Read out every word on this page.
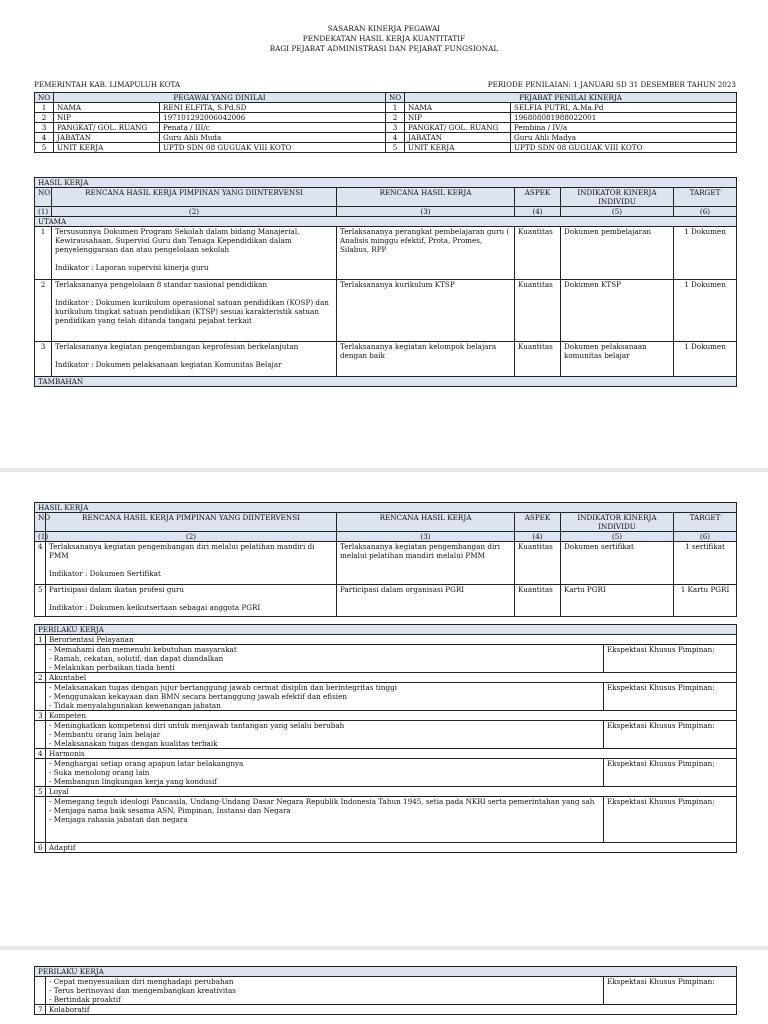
SASARAN KINERJA PEGAWAI
PENDEKATAN HASIL KERJA KUANTITATIF
BAGI PEJABAT ADMINISTRASI DAN PEJABAT FUNGSIONAL
PEMERINTAH KAB. LIMAPULUH KOTA	PERIODE PENILAIAN: 1 JANUARI SD 31 DESEMBER TAHUN 2023
NO	PEGAWAI YANG DINILAI		NO	PEJABAT PENILAI KINERJA	
1	NAMA	RENI ELFITA, S.Pd.SD	1	NAMA	SELFIA PUTRI, A.Ma.Pd
2	NIP	197101292006042006	2	NIP	196808081988022001
3	PANGKAT/ GOL. RUANG	Penata / III/c	3	PANGKAT/ GOL. RUANG	Pembina / IV/a
4	JABATAN	Guru Ahli Muda	4	JABATAN	Guru Ahli Madya
5	UNIT KERJA	UPTD SDN 08 GUGUAK VIII KOTO	5	UNIT KERJA	UPTD SDN 08 GUGUAK VIII KOTO
HASIL KERJA					
NO	RENCANA HASIL KERJA PIMPINAN YANG DIINTERVENSI	RENCANA HASIL KERJA	ASPEK	INDIKATOR KINERJA INDIVIDU	TARGET
(1)	(2)	(3)	(4)	(5)	(6)
UTAMA					
1	Tersusunnya Dokumen Program Sekolah dalam bidang Manajerial, Kewirausahaan, Supervisi Guru dan Tenaga Kependidikan dalam penyelenggaraan dan atau pengelolaan sekolah

Indikator : Laporan supervisi kinerja guru	Terlaksananya perangkat pembelajaran guru ( Analisis minggu efektif, Prota, Promes, Silabus, RPP	Kuantitas	Dokumen pembelajaran	1 Dokumen
2	Terlaksananya pengelolaan 8 standar nasional pendidikan

Indikator : Dokumen kurikulum operasional satuan pendidikan (KOSP) dan kurikulum tingkat satuan pendidikan (KTSP) sesuai karakteristik satuan pendidikan yang telah ditanda tangani pejabat terkait	Terlaksananya kurikulum KTSP	Kuantitas	Dokumen KTSP	1 Dokumen
3	Terlaksananya kegiatan pengembangan keprofesian berkelanjutan

Indikator : Dokumen pelaksanaan kegiatan Komunitas Belajar	Terlaksananya kegiatan kelompok belajara dengan baik	Kuantitas	Dokumen pelaksanaan komunitas belajar	1 Dokumen
TAMBAHAN					
HASIL KERJA					
NO	RENCANA HASIL KERJA PIMPINAN YANG DIINTERVENSI	RENCANA HASIL KERJA	ASPEK	INDIKATOR KINERJA INDIVIDU	TARGET
(1)	(2)	(3)	(4)	(5)	(6)
4	Terlaksananya kegiatan pengembangan diri melalui pelatihan mandiri di PMM

Indikator : Dokumen Sertifikat	Terlaksananya kegiatan pengembangan diri melalui pelatihan mandiri melalui PMM	Kuantitas	Dokumen sertifikat	1 sertifikat
5	Partisipasi dalam ikatan profesi guru

Indikator : Dokumen keikutsertaan sebagai anggota PGRI	Participasi dalam organisasi PGRI	Kuantitas	Kartu PGRI	1 Kartu PGRI
PERILAKU KERJA		
1	Berorientasi Pelayanan	
	- Memahami dan memenuhi kebutuhan masyarakat
- Ramah, cekatan, solutif, dan dapat diandalkan
- Melakukan perbaikan tiada henti	Ekspektasi Khusus Pimpinan:
2	Akuntabel	
	- Melaksanakan tugas dengan jujur bertanggung jawab cermat disiplin dan berintegritas tinggi
- Menggunakan kekayaan dan BMN secara bertanggung jawab efektif dan efisien
- Tidak menyalahgunakan kewenangan jabatan	Ekspektasi Khusus Pimpinan:
3	Kompeten	
	- Meningkatkan kompetensi diri untuk menjawab tantangan yang selalu berubah
- Membantu orang lain belajar
- Melaksanakan tugas dengan kualitas terbaik	Ekspektasi Khusus Pimpinan:
4	Harmonis	
	- Menghargai setiap orang apapun latar belakangnya
- Suka menolong orang lain
- Membangun lingkungan kerja yang kondusif	Ekspektasi Khusus Pimpinan:
5	Loyal	
	- Memegang teguh ideologi Pancasila, Undang-Undang Dasar Negara Republik Indonesia Tahun 1945, setia pada NKRI serta pemerintahan yang sah
- Menjaga nama baik sesama ASN, Pimpinan, Instansi dan Negara
- Menjaga rahasia jabatan dan negara	Ekspektasi Khusus Pimpinan:
6	Adaptif	
PERILAKU KERJA		
	- Cepat menyesuaikan diri menghadapi perubahan
- Terus berinovasi dan mengembangkan kreativitas
- Bertindak proaktif	Ekspektasi Khusus Pimpinan:
7	Kolaboratif	
